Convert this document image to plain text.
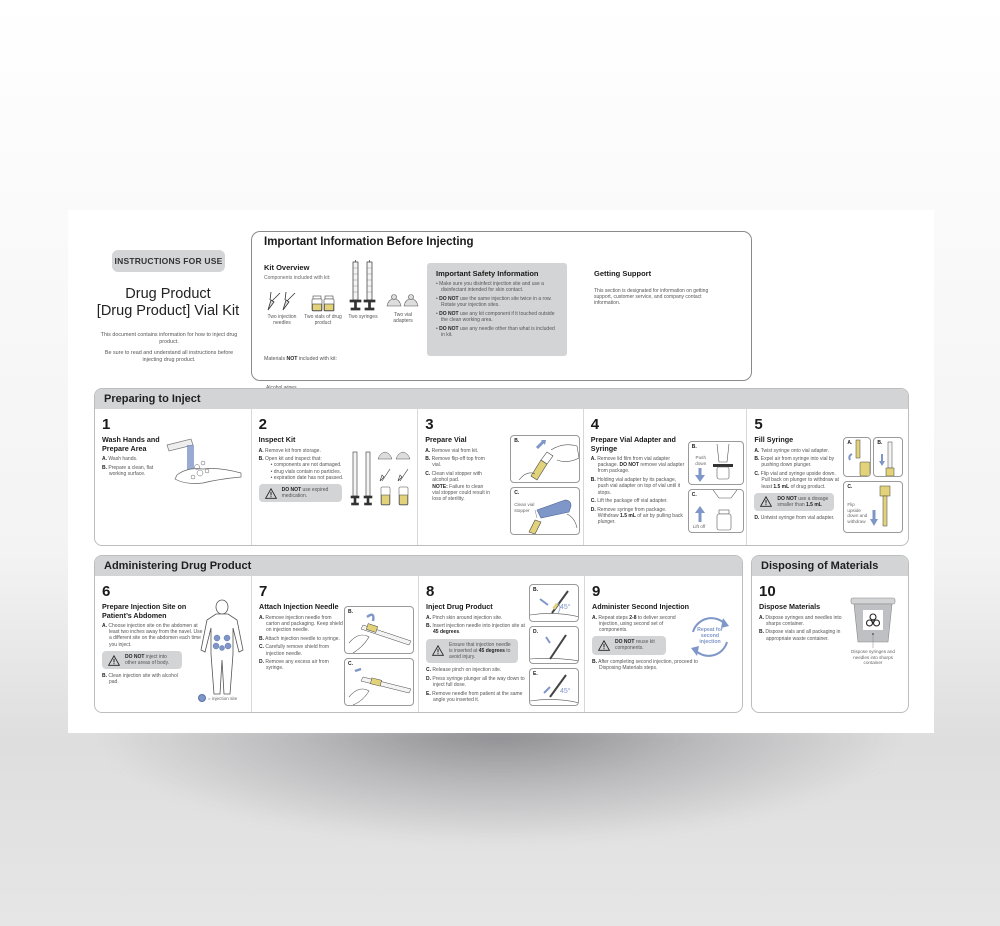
INSTRUCTIONS FOR USE
Drug Product
[Drug Product] Vial Kit

This document contains information for how to inject drug product.

Be sure to read and understand all instructions before injecting drug product.

Important Information Before Injecting
Kit Overview
Components included with kit:
Two injection needles
Two vials of drug product
Two syringes	Two vial adapters
Materials NOT included with kit:
Important Safety Information
• Make sure you disinfect injection site and use a disinfectant intended for skin contact.
• DO NOT use the same injection site twice in a row. Rotate your injection sites.
• DO NOT use any kit component if it touched outside the clean working area.
• DO NOT use any needle other than what is included in kit.
Getting Support

This section is designated for information on getting support, customer service, and company contact information.

Preparing to Inject
1
Wash Hands and Prepare Area
A. Wash hands.
B. Prepare a clean, flat working surface.
2
Inspect Kit
A. Remove kit from storage.
B. Open kit and inspect that:
• components are not damaged.
• drug vials contain no particles.
• expiration date has not passed.
DO NOT use expired medication.
3
Prepare Vial
A. Remove vial from kit.
B. Remove flip-off top from vial.
C. Clean vial stopper with alcohol pad.
NOTE: Failure to clean vial stopper could result in loss of sterility.
B.
C.
Clean vial stopper
4
Prepare Vial Adapter and Syringe
A. Remove lid film from vial adapter package. DO NOT remove vial adapter from package.
B. Holding vial adapter by its package, push vial adapter on top of vial until it stops.
C. Lift the package off vial adapter.
D. Remove syringe from package. Withdraw 1.5 mL of air by pulling back plunger.
B.
Push down
C.
Lift off
5
Fill Syringe
A. Twist syringe onto vial adapter.
B. Expel air from syringe into vial by pushing down plunger.
C. Flip vial and syringe upside down. Pull back on plunger to withdraw at least 1.5 mL of drug product.
DO NOT use a dosage smaller than 1.5 mL
D. Untwist syringe from vial adapter.
A.	B.
C.
Flip upside down and withdraw
Administering Drug Product
6
Prepare Injection Site on Patient’s Abdomen
A. Choose injection site on the abdomen at least two inches away from the navel. Use a different site on the abdomen each time you inject.
DO NOT inject into other areas of body.
B. Clean injection site with alcohol pad.
= injection site
7
Attach Injection Needle
A. Remove injection needle from carton and packaging. Keep shield on injection needle.
B. Attach injection needle to syringe.
C. Carefully remove shield from injection needle.
D. Remove any excess air from syringe.
B.
C.
8
Inject Drug Product
A. Pinch skin around injection site.
B. Insert injection needle into injection site at 45 degrees.
Ensure that injection needle is inserted at 45 degrees to avoid injury.
C. Release pinch on injection site.
D. Press syringe plunger all the way down to inject full dose.
E. Remove needle from patient at the same angle you inserted it.
B.
45°
D.
E.
45°
9
Administer Second Injection
A. Repeat steps 2-8 to deliver second injection, using second set of components.
DO NOT reuse kit components.
B. After completing second injection, proceed to Disposing Materials steps.
Repeat for second injection
Disposing of Materials
10
Dispose Materials
A. Dispose syringes and needles into sharps container.
B. Dispose vials and all packaging in appropriate waste container.
Dispose syringes and needles into sharps container
